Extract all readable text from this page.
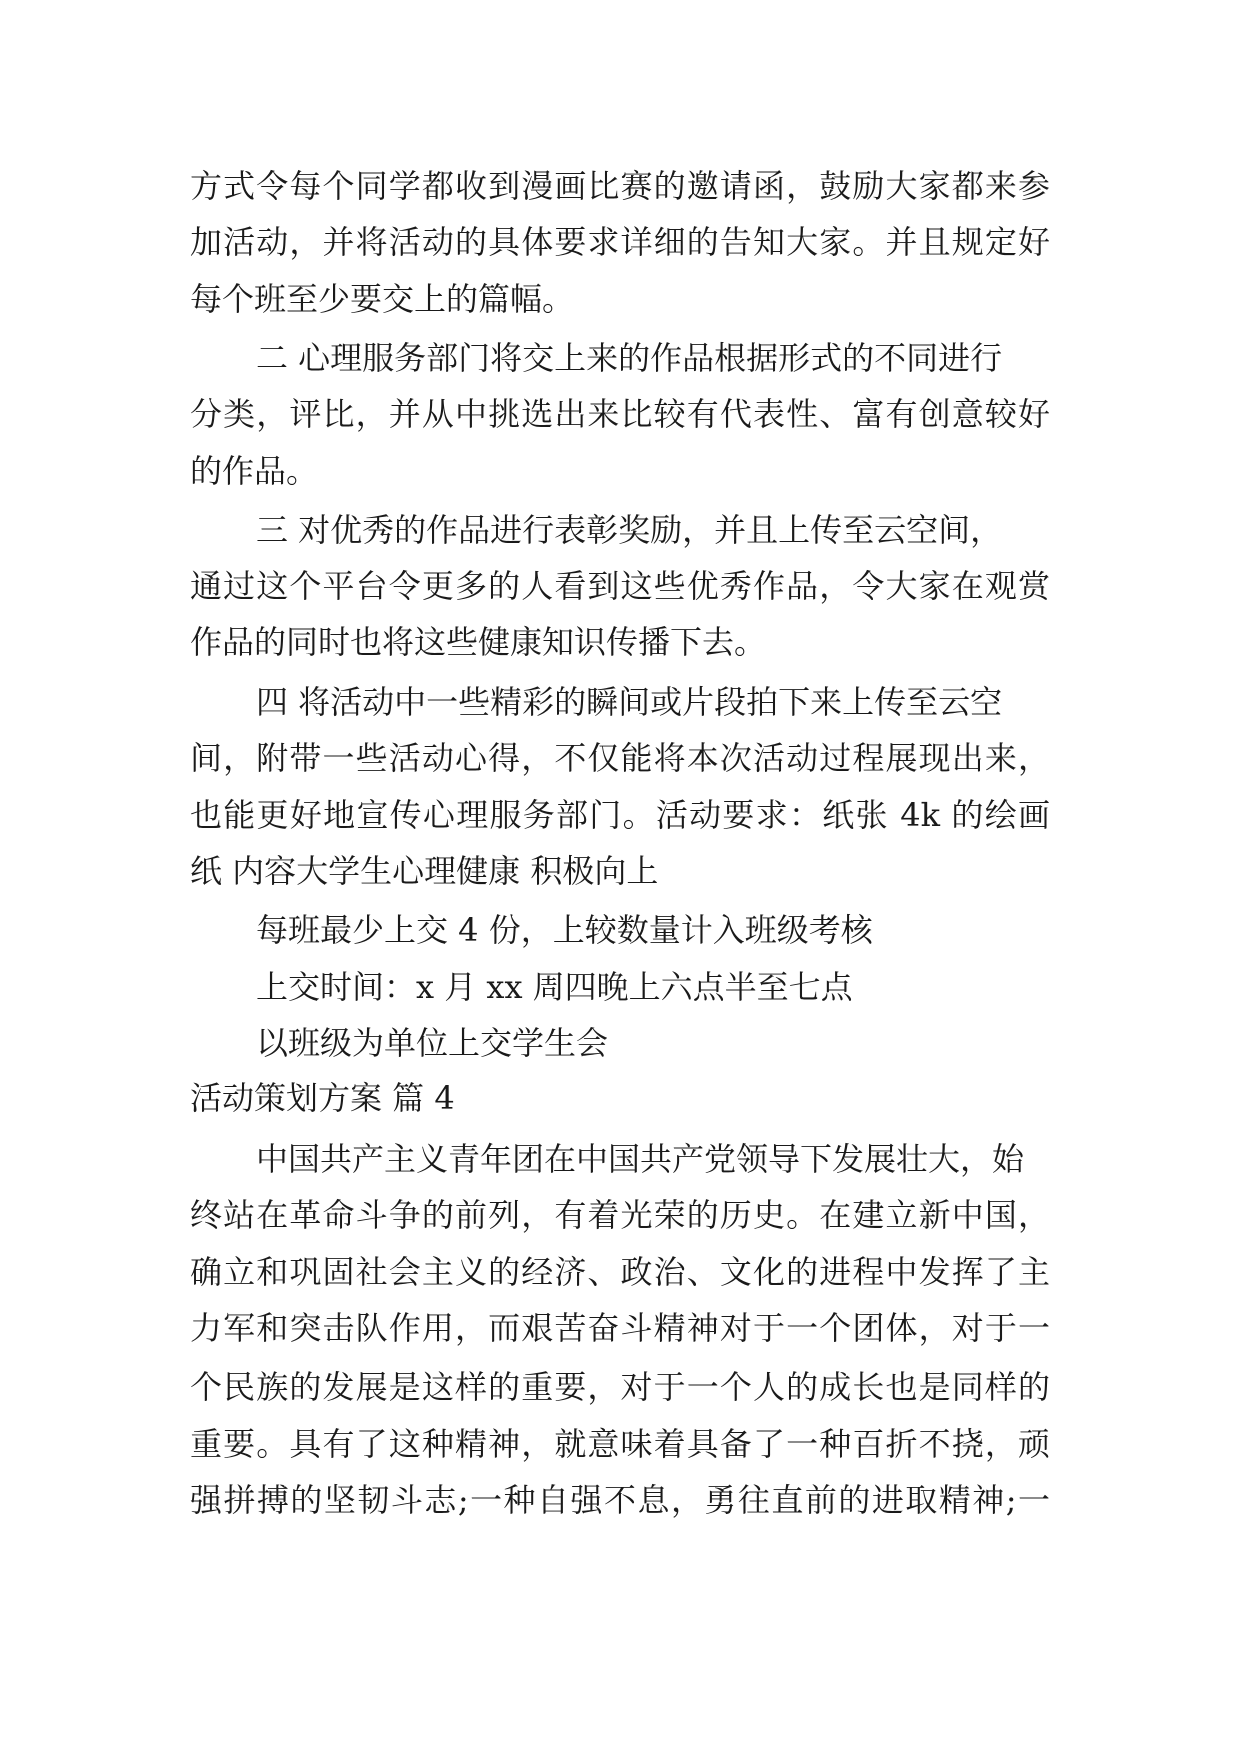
方式令每个同学都收到漫画比赛的邀请函，鼓励大家都来参
加活动，并将活动的具体要求详细的告知大家。并且规定好
每个班至少要交上的篇幅。
二 心理服务部门将交上来的作品根据形式的不同进行
分类，评比，并从中挑选出来比较有代表性、富有创意较好
的作品。
三 对优秀的作品进行表彰奖励，并且上传至云空间，
通过这个平台令更多的人看到这些优秀作品，令大家在观赏
作品的同时也将这些健康知识传播下去。
四 将活动中一些精彩的瞬间或片段拍下来上传至云空
间，附带一些活动心得，不仅能将本次活动过程展现出来，
也能更好地宣传心理服务部门。活动要求：纸张 4k 的绘画
纸 内容大学生心理健康 积极向上
每班最少上交 4 份，上较数量计入班级考核
上交时间：x 月 xx 周四晚上六点半至七点
以班级为单位上交学生会
活动策划方案 篇 4
中国共产主义青年团在中国共产党领导下发展壮大，始
终站在革命斗争的前列，有着光荣的历史。在建立新中国，
确立和巩固社会主义的经济、政治、文化的进程中发挥了主
力军和突击队作用，而艰苦奋斗精神对于一个团体，对于一
个民族的发展是这样的重要，对于一个人的成长也是同样的
重要。具有了这种精神，就意味着具备了一种百折不挠，顽
强拼搏的坚韧斗志;一种自强不息，勇往直前的进取精神;一
